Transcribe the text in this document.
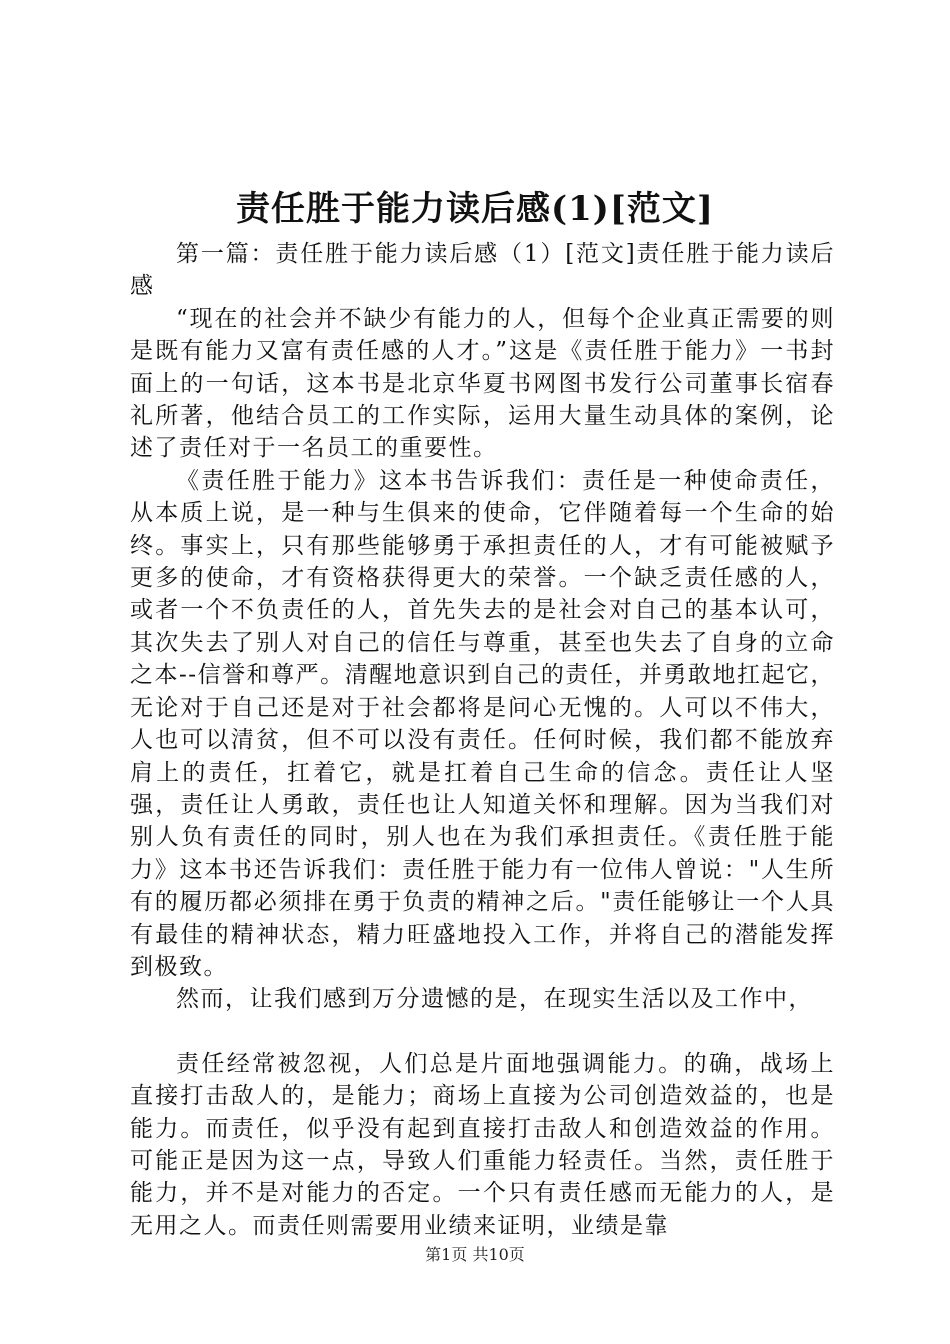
责任胜于能力读后感(1)[范文]

第一篇：责任胜于能力读后感（1）[范文]责任胜于能力读后感

“现在的社会并不缺少有能力的人，但每个企业真正需要的则是既有能力又富有责任感的人才。”这是《责任胜于能力》一书封面上的一句话，这本书是北京华夏书网图书发行公司董事长宿春礼所著，他结合员工的工作实际，运用大量生动具体的案例，论述了责任对于一名员工的重要性。

《责任胜于能力》这本书告诉我们：责任是一种使命责任，从本质上说，是一种与生俱来的使命，它伴随着每一个生命的始终。事实上，只有那些能够勇于承担责任的人，才有可能被赋予更多的使命，才有资格获得更大的荣誉。一个缺乏责任感的人，或者一个不负责任的人，首先失去的是社会对自己的基本认可，其次失去了别人对自己的信任与尊重，甚至也失去了自身的立命之本--信誉和尊严。清醒地意识到自己的责任，并勇敢地扛起它，无论对于自己还是对于社会都将是问心无愧的。人可以不伟大，人也可以清贫，但不可以没有责任。任何时候，我们都不能放弃肩上的责任，扛着它，就是扛着自己生命的信念。责任让人坚强，责任让人勇敢，责任也让人知道关怀和理解。因为当我们对别人负有责任的同时，别人也在为我们承担责任。《责任胜于能力》这本书还告诉我们：责任胜于能力有一位伟人曾说："人生所有的履历都必须排在勇于负责的精神之后。"责任能够让一个人具有最佳的精神状态，精力旺盛地投入工作，并将自己的潜能发挥到极致。

然而，让我们感到万分遗憾的是，在现实生活以及工作中，

责任经常被忽视，人们总是片面地强调能力。的确，战场上直接打击敌人的，是能力；商场上直接为公司创造效益的，也是能力。而责任，似乎没有起到直接打击敌人和创造效益的作用。可能正是因为这一点，导致人们重能力轻责任。当然，责任胜于能力，并不是对能力的否定。一个只有责任感而无能力的人，是无用之人。而责任则需要用业绩来证明，业绩是靠

第1页 共10页
